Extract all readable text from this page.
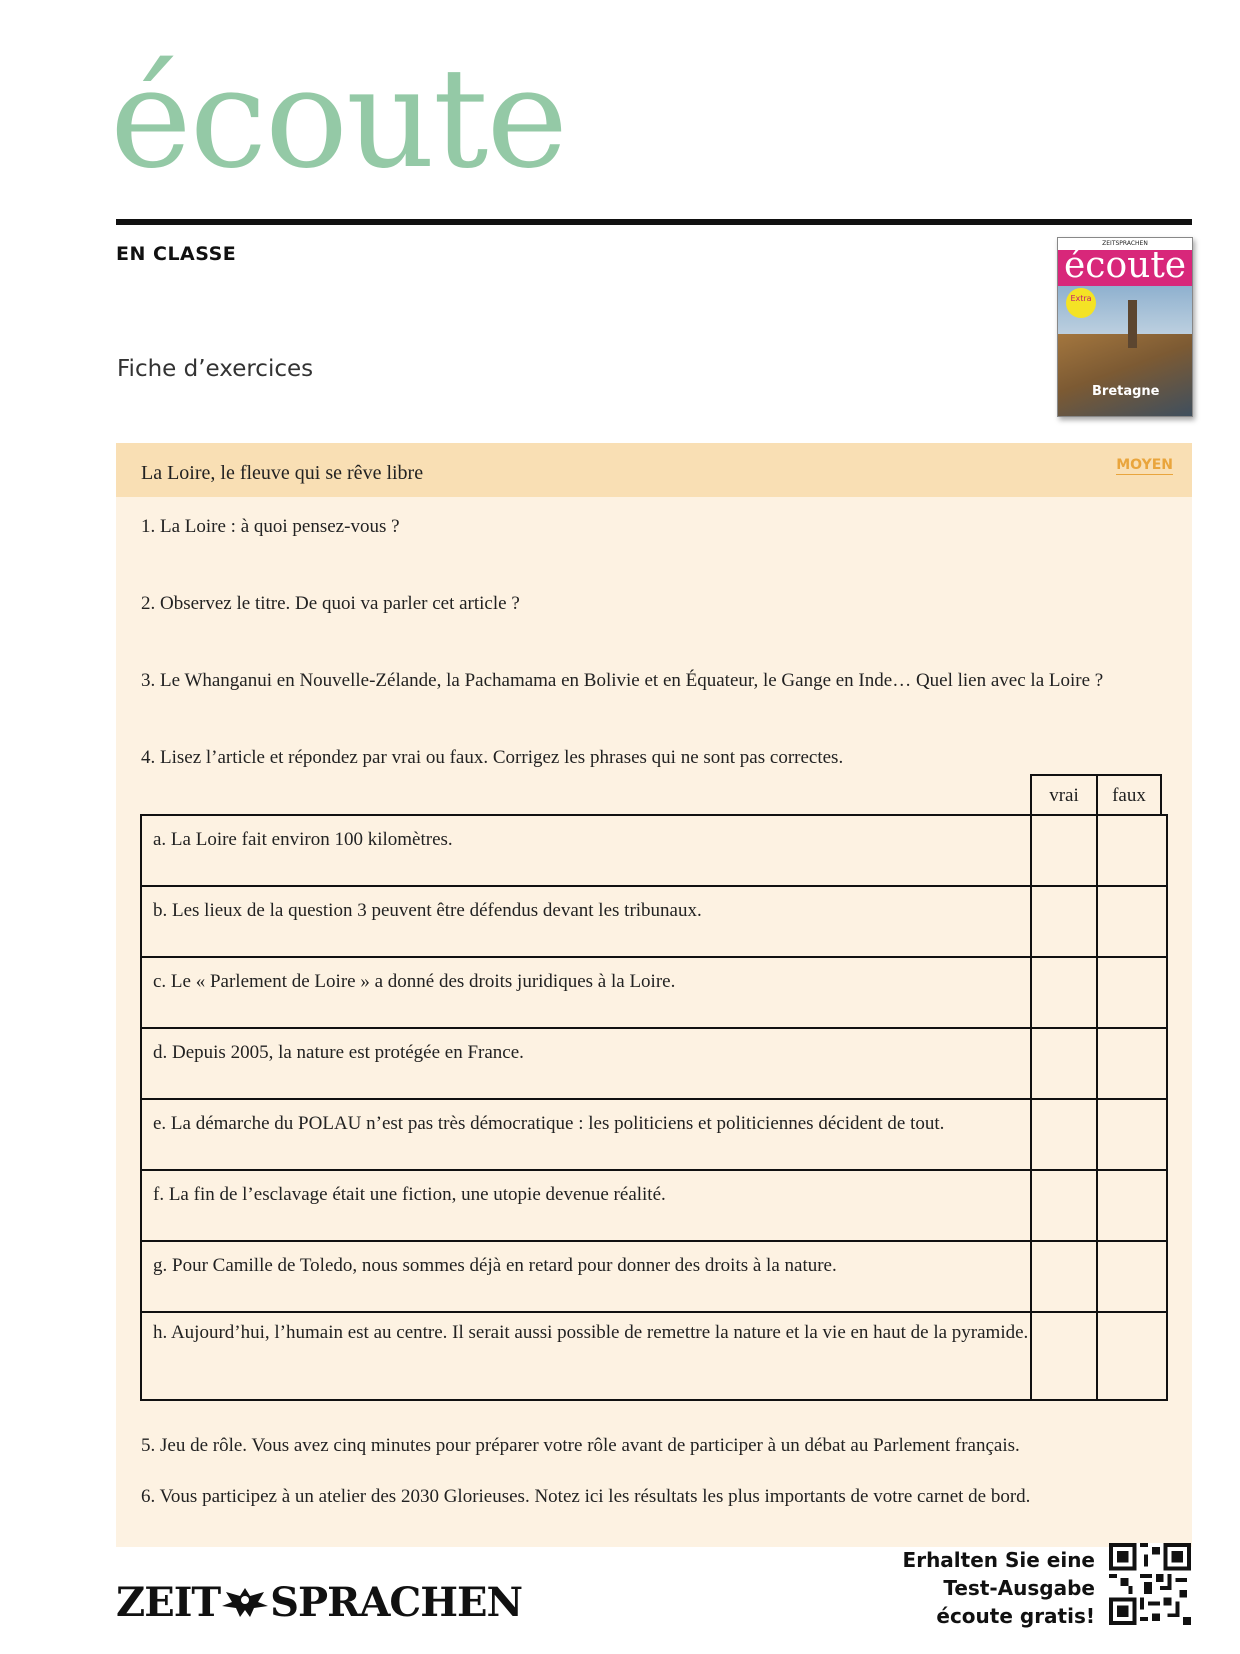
écoute
EN CLASSE
Fiche d’exercices
ZEITSPRACHEN
écoute
Extra
Bretagne
La Loire, le fleuve qui se rêve libre	MOYEN
1. La Loire : à quoi pensez-vous ?
2. Observez le titre. De quoi va parler cet article ?
3. Le Whanganui en Nouvelle-Zélande, la Pachamama en Bolivie et en Équateur, le Gange en Inde… Quel lien avec la Loire ?
4. Lisez l’article et répondez par vrai ou faux. Corrigez les phrases qui ne sont pas correctes.
vrai	faux
a. La Loire fait environ 100 kilomètres.
b. Les lieux de la question 3 peuvent être défendus devant les tribunaux.
c. Le « Parlement de Loire » a donné des droits juridiques à la Loire.
d. Depuis 2005, la nature est protégée en France.
e. La démarche du POLAU n’est pas très démocratique : les politiciens et politiciennes décident de tout.
f. La fin de l’esclavage était une fiction, une utopie devenue réalité.
g. Pour Camille de Toledo, nous sommes déjà en retard pour donner des droits à la nature.
h. Aujourd’hui, l’humain est au centre. Il serait aussi possible de remettre la nature et la vie en haut de la pyramide.
5. Jeu de rôle. Vous avez cinq minutes pour préparer votre rôle avant de participer à un débat au Parlement français.
6. Vous participez à un atelier des 2030 Glorieuses. Notez ici les résultats les plus importants de votre carnet de bord.
ZEIT SPRACHEN
Erhalten Sie eine
Test-Ausgabe
écoute gratis!
